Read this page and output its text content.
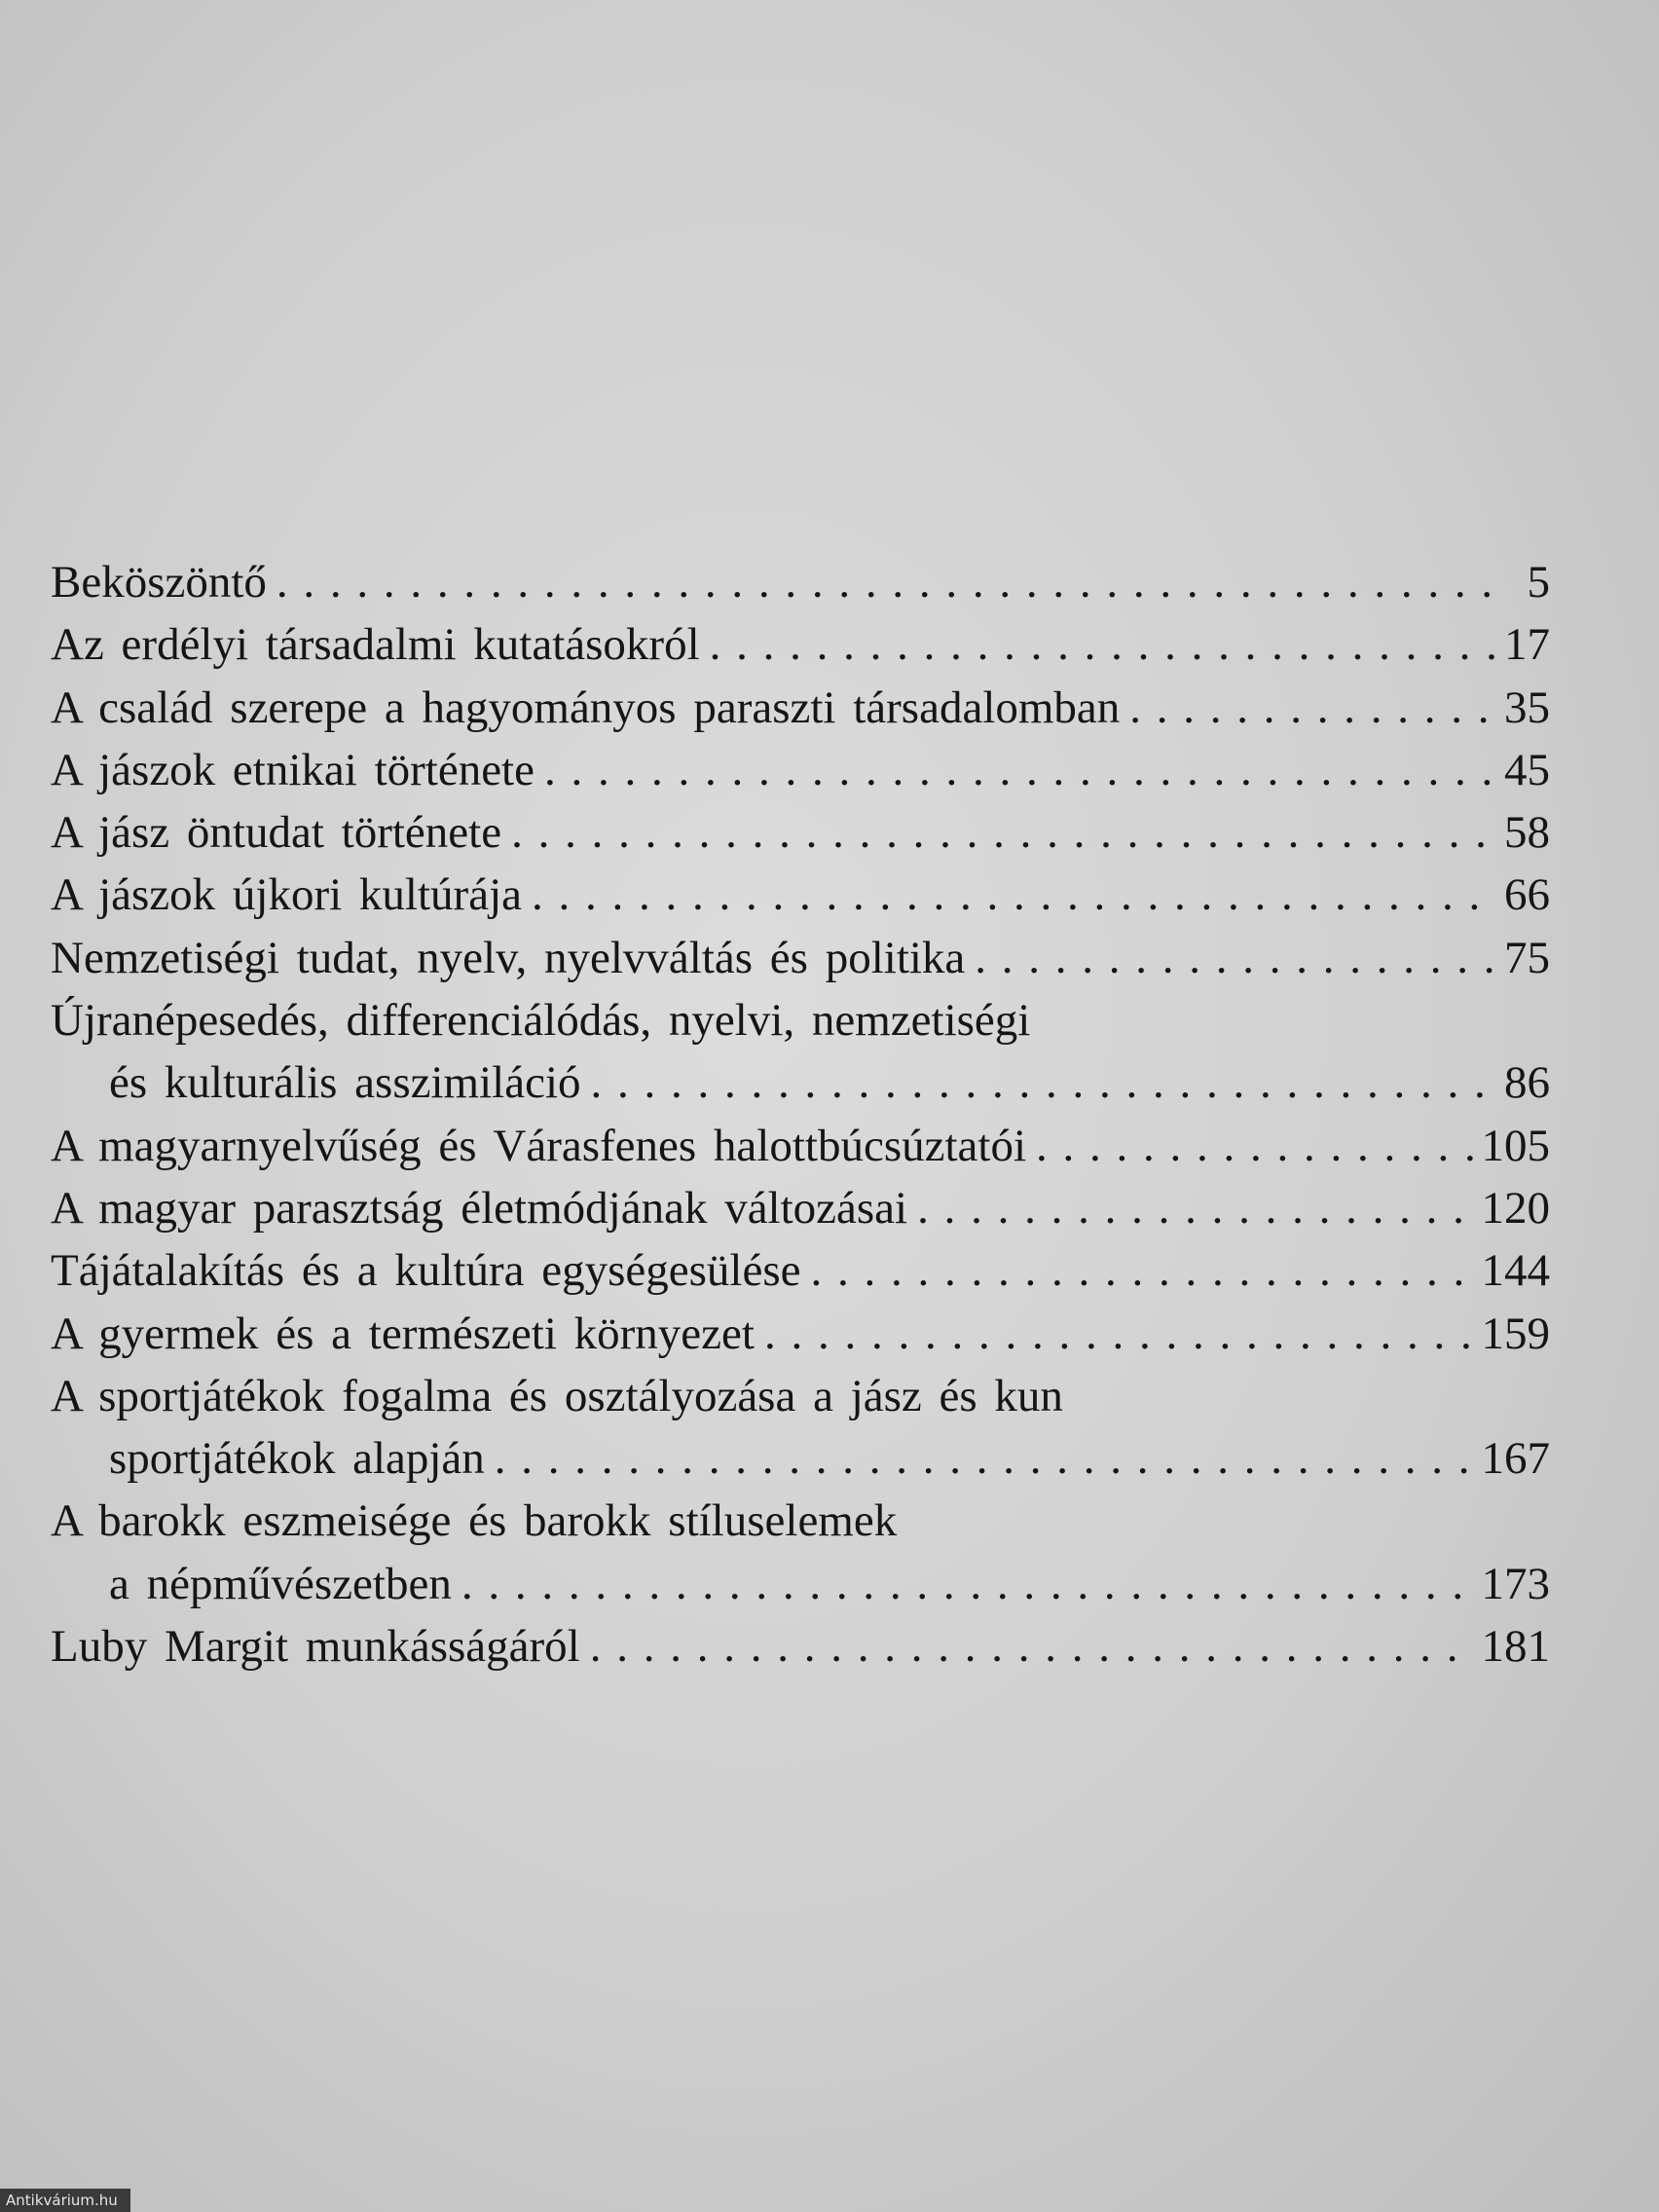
Beköszöntő . . .	5
Az erdélyi társadalmi kutatásokról . . .	17
A család szerepe a hagyományos paraszti társadalomban . . .	35
A jászok etnikai története . . .	45
A jász öntudat története . . .	58
A jászok újkori kultúrája . . .	66
Nemzetiségi tudat, nyelv, nyelvváltás és politika . . .	75
Újranépesedés, differenciálódás, nyelvi, nemzetiségi
és kulturális asszimiláció . . .	86
A magyarnyelvűség és Várasfenes halottbúcsúztatói . . .	105
A magyar parasztság életmódjának változásai . . .	120
Tájátalakítás és a kultúra egységesülése . . .	144
A gyermek és a természeti környezet . . .	159
A sportjátékok fogalma és osztályozása a jász és kun
sportjátékok alapján . . .	167
A barokk eszmeisége és barokk stíluselemek
a népművészetben . . .	173
Luby Margit munkásságáról . . .	181
Antikvárium.hu
